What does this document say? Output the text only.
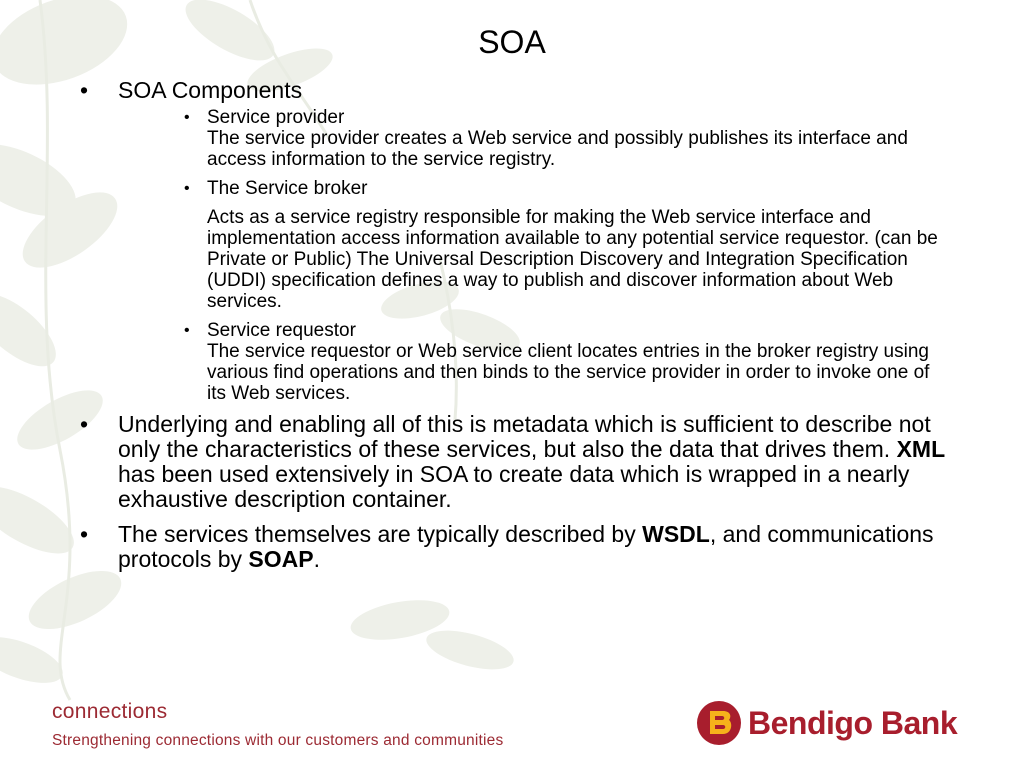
SOA
• SOA Components
• Service provider
The service provider creates a Web service and possibly publishes its interface and access information to the service registry.
• The Service broker
Acts as a service registry responsible for making the Web service interface and implementation access information available to any potential service requestor. (can be Private or Public) The Universal Description Discovery and Integration Specification (UDDI) specification defines a way to publish and discover information about Web services.
• Service requestor
The service requestor or Web service client locates entries in the broker registry using various find operations and then binds to the service provider in order to invoke one of its Web services.
• Underlying and enabling all of this is metadata which is sufficient to describe not only the characteristics of these services, but also the data that drives them. XML has been used extensively in SOA to create data which is wrapped in a nearly exhaustive description container.
• The services themselves are typically described by WSDL, and communications protocols by SOAP.
connections
Strengthening connections with our customers and communities	Bendigo Bank
